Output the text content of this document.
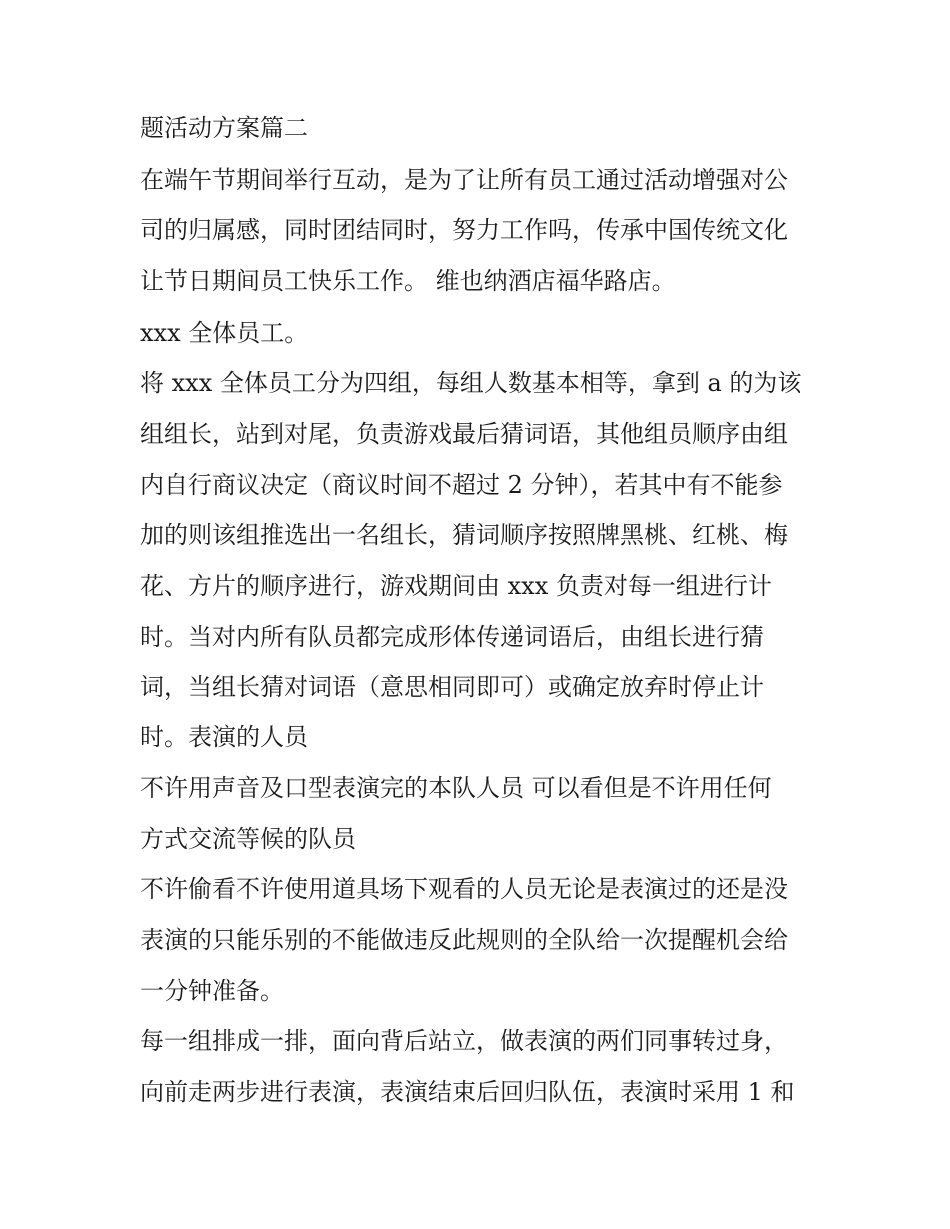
题活动方案篇二

在端午节期间举行互动，是为了让所有员工通过活动增强对公

司的归属感，同时团结同时，努力工作吗，传承中国传统文化

让节日期间员工快乐工作。 维也纳酒店福华路店。

xxx 全体员工。

将 xxx 全体员工分为四组，每组人数基本相等，拿到 a 的为该

组组长，站到对尾，负责游戏最后猜词语，其他组员顺序由组

内自行商议决定（商议时间不超过 2 分钟），若其中有不能参

加的则该组推选出一名组长，猜词顺序按照牌黑桃、红桃、梅

花、方片的顺序进行，游戏期间由 xxx 负责对每一组进行计

时。当对内所有队员都完成形体传递词语后，由组长进行猜

词，当组长猜对词语（意思相同即可）或确定放弃时停止计

时。表演的人员

不许用声音及口型表演完的本队人员 可以看但是不许用任何

方式交流等候的队员

不许偷看不许使用道具场下观看的人员无论是表演过的还是没

表演的只能乐别的不能做违反此规则的全队给一次提醒机会给

一分钟准备。

每一组排成一排，面向背后站立，做表演的两们同事转过身，

向前走两步进行表演，表演结束后回归队伍，表演时采用 1 和
